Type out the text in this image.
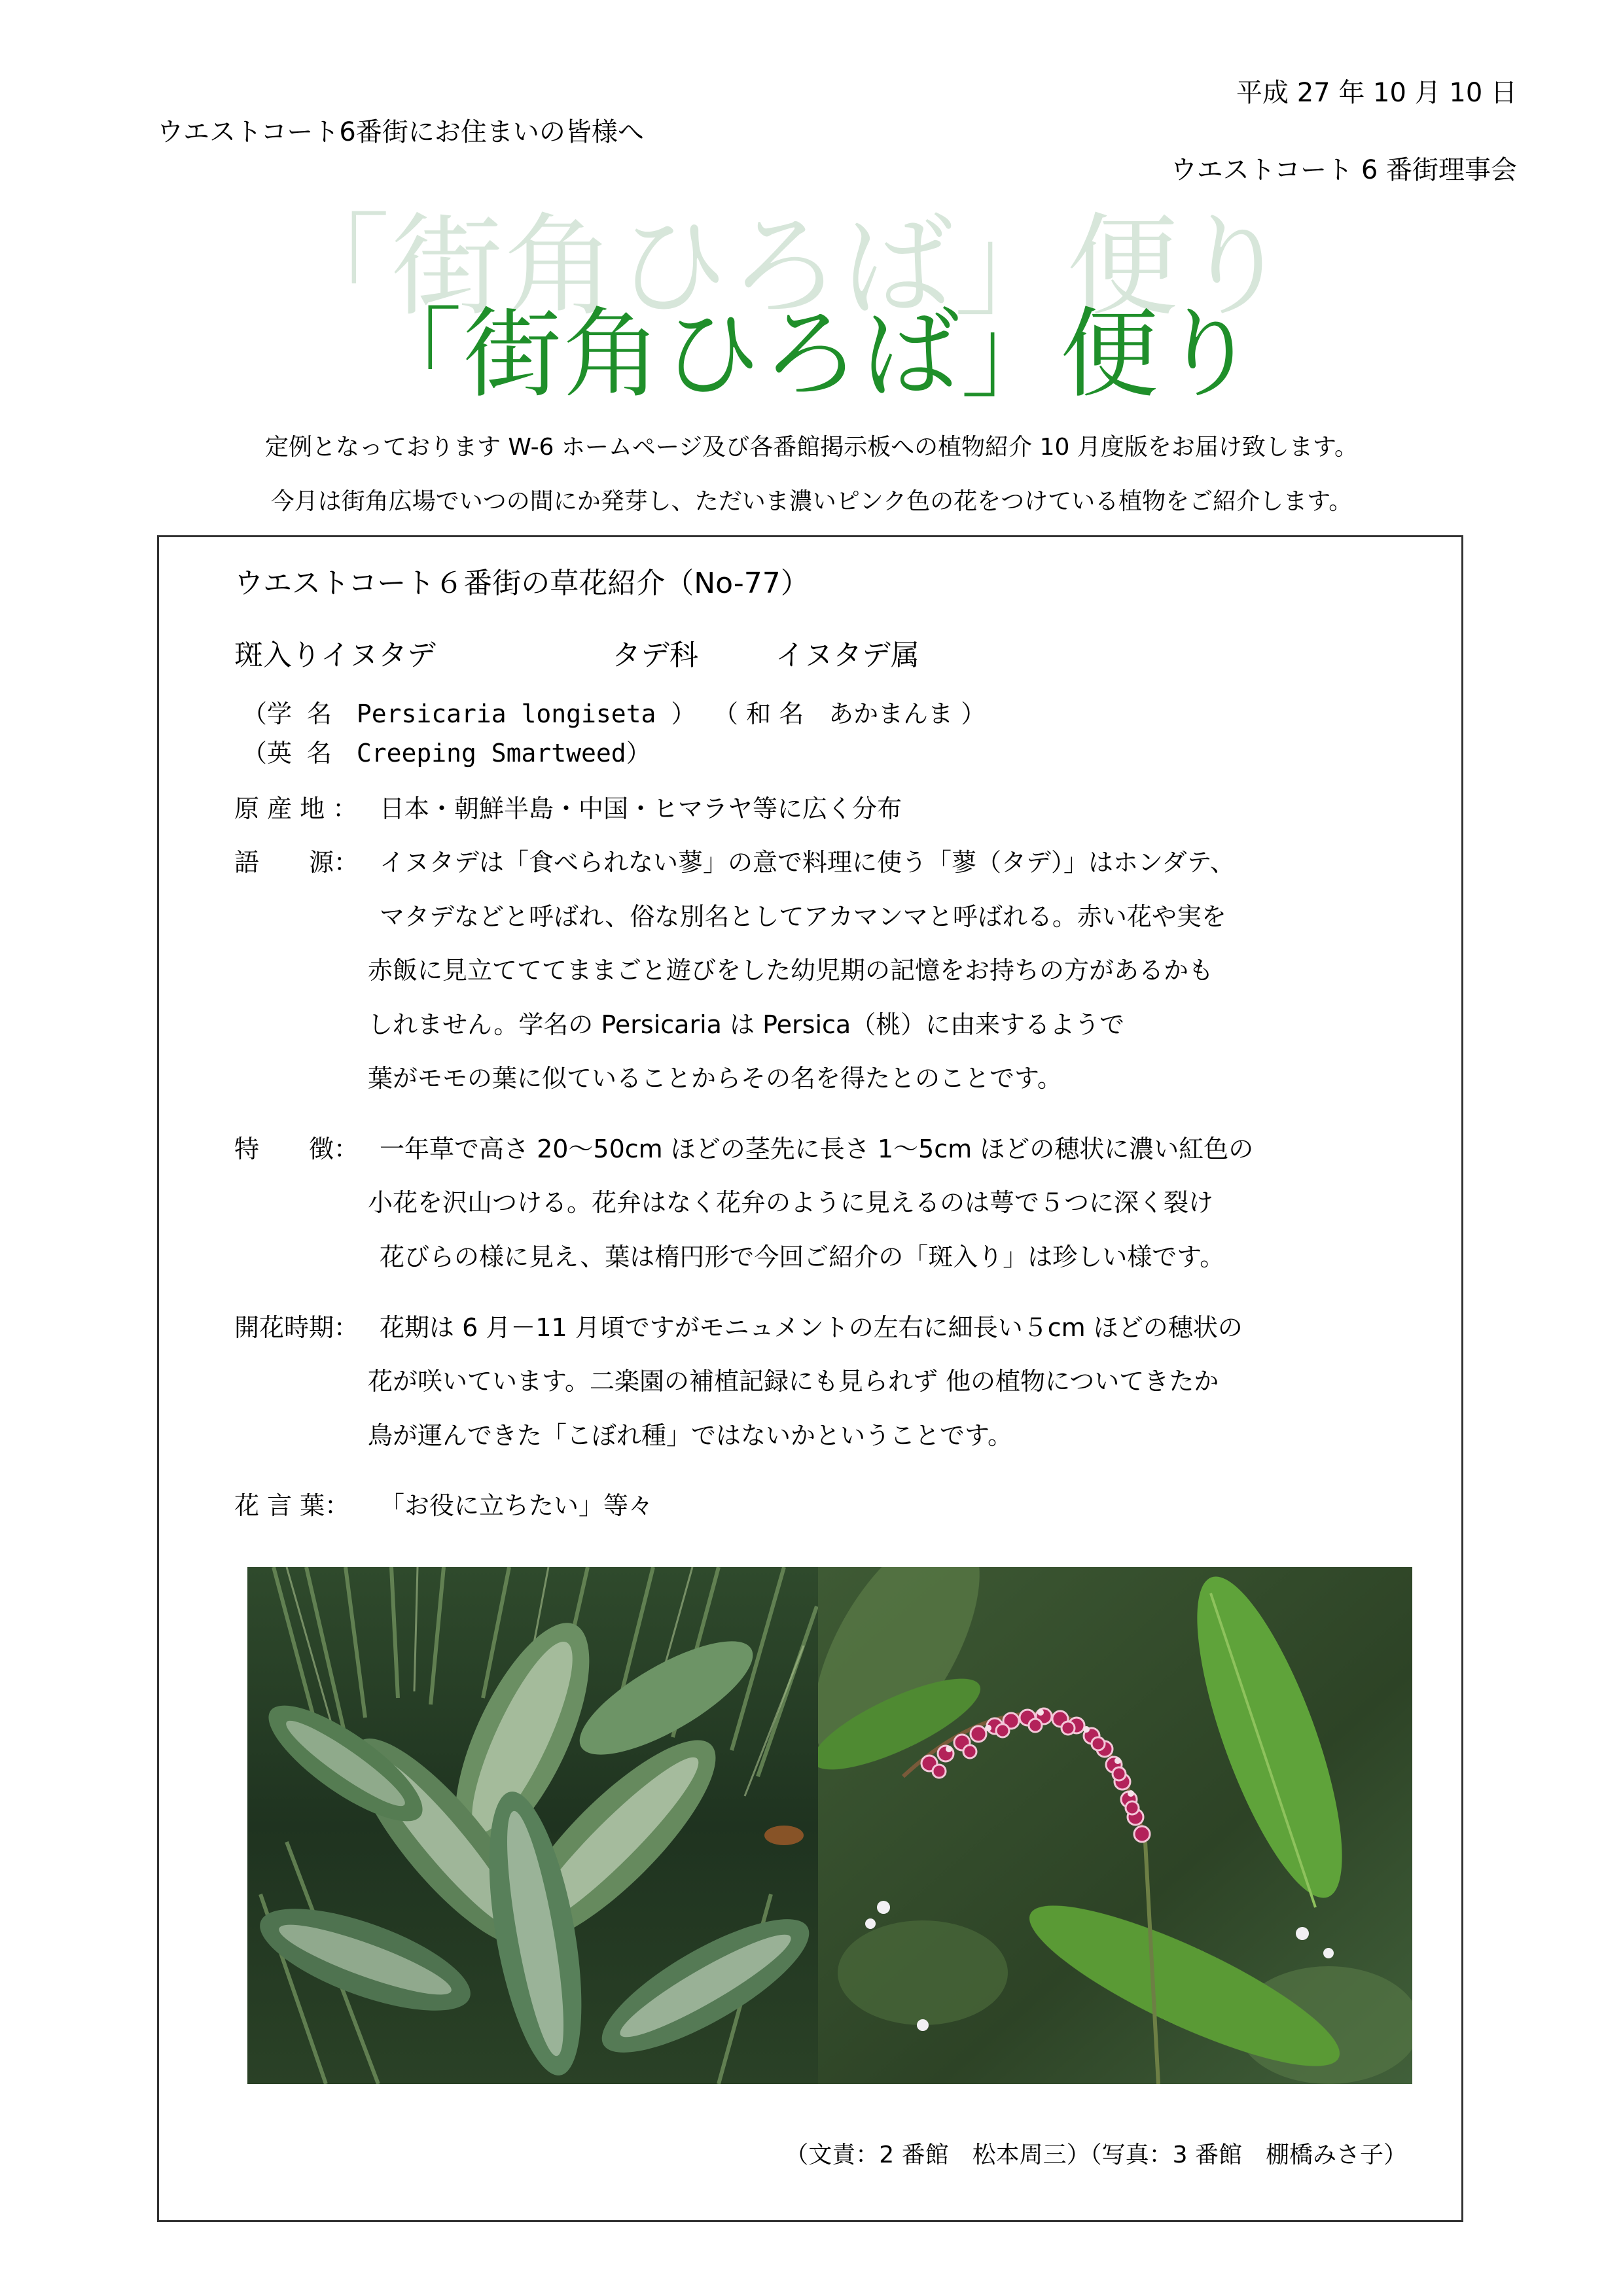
平成 27 年 10 月 10 日
ウエストコート6番街にお住まいの皆様へ
ウエストコート 6 番街理事会
「街角ひろば」便り
「街角ひろば」便り
定例となっております W-6 ホームページ及び各番館掲示板への植物紹介 10 月度版をお届け致します。
今月は街角広場でいつの間にか発芽し、ただいま濃いピンク色の花をつけている植物をご紹介します。
ウエストコート６番街の草花紹介（No-77）
斑入りイヌタデ	タデ科	イヌタデ属
（学 名　Persicaria longiseta ） （ 和 名　あかまんま ）
（英 名　Creeping Smartweed）
原 産 地 ： 日本・朝鮮半島・中国・ヒマラヤ等に広く分布
語　　源： イヌタデは「食べられない蓼」の意で料理に使う「蓼（タデ）」はホンダテ、
マタデなどと呼ばれ、俗な別名としてアカマンマと呼ばれる。赤い花や実を
赤飯に見立てててままごと遊びをした幼児期の記憶をお持ちの方があるかも
しれません。学名の Persicaria は Persica（桃）に由来するようで
葉がモモの葉に似ていることからその名を得たとのことです。
特　　徴： 一年草で高さ 20～50cm ほどの茎先に長さ 1～5cm ほどの穂状に濃い紅色の
小花を沢山つける。花弁はなく花弁のように見えるのは萼で５つに深く裂け
花びらの様に見え、葉は楕円形で今回ご紹介の「斑入り」は珍しい様です。
開花時期： 花期は 6 月－11 月頃ですがモニュメントの左右に細長い５cm ほどの穂状の
花が咲いています。二楽園の補植記録にも見られず 他の植物についてきたか
鳥が運んできた「こぼれ種」ではないかということです。
花 言 葉： 「お役に立ちたい」等々
（文責：2 番館　松本周三）（写真：3 番館　棚橋みさ子）
